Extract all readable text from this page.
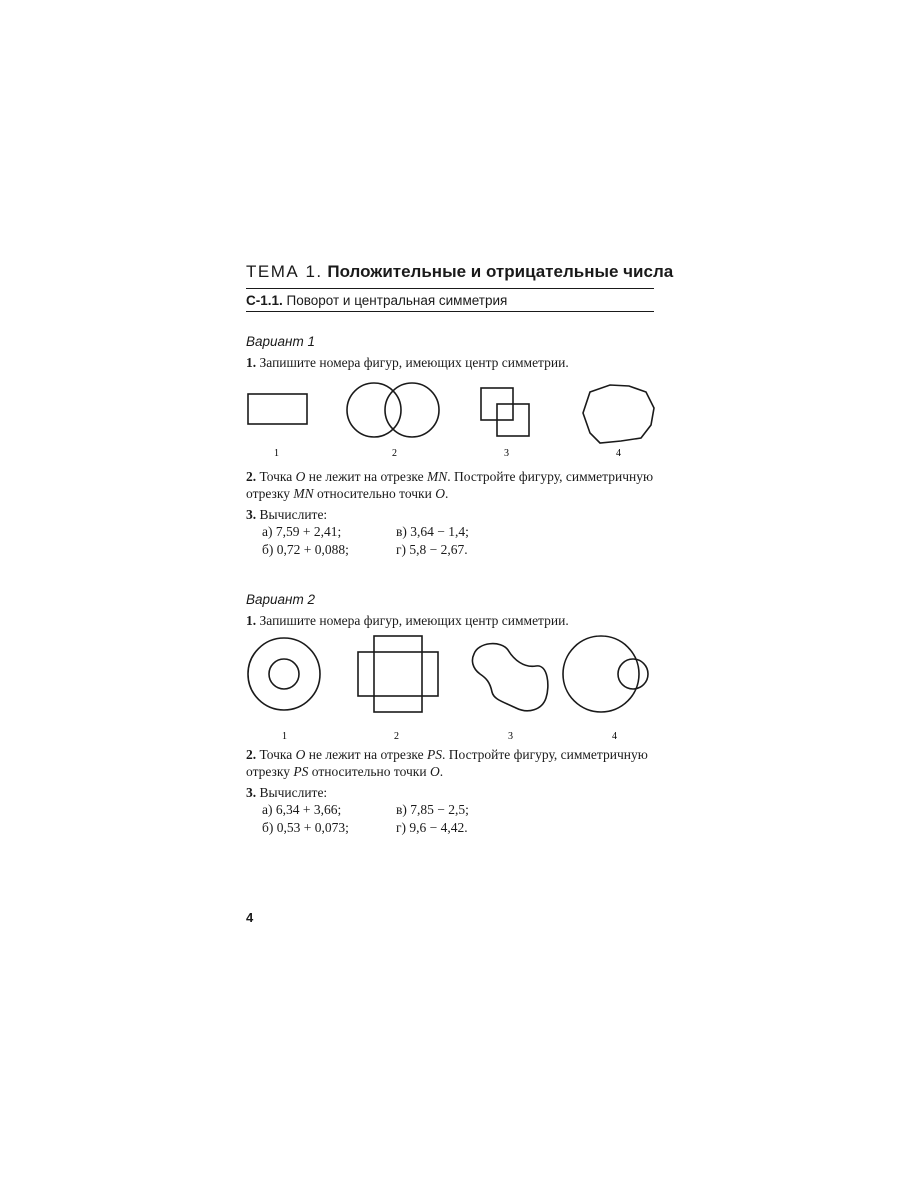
ТЕМА 1. Положительные и отрицательные числа
С-1.1. Поворот и центральная симметрия
Вариант 1
1. Запишите номера фигур, имеющих центр симметрии.
1	2	3	4
2. Точка O не лежит на отрезке MN. Постройте фигуру, симметричную отрезку MN относительно точки O.
3. Вычислите:
а) 7,59 + 2,41;	в) 3,64 − 1,4;
б) 0,72 + 0,088;	г) 5,8 − 2,67.
Вариант 2
1. Запишите номера фигур, имеющих центр симметрии.
1	2	3	4
2. Точка O не лежит на отрезке PS. Постройте фигуру, симметричную отрезку PS относительно точки O.
3. Вычислите:
а) 6,34 + 3,66;	в) 7,85 − 2,5;
б) 0,53 + 0,073;	г) 9,6 − 4,42.
4
